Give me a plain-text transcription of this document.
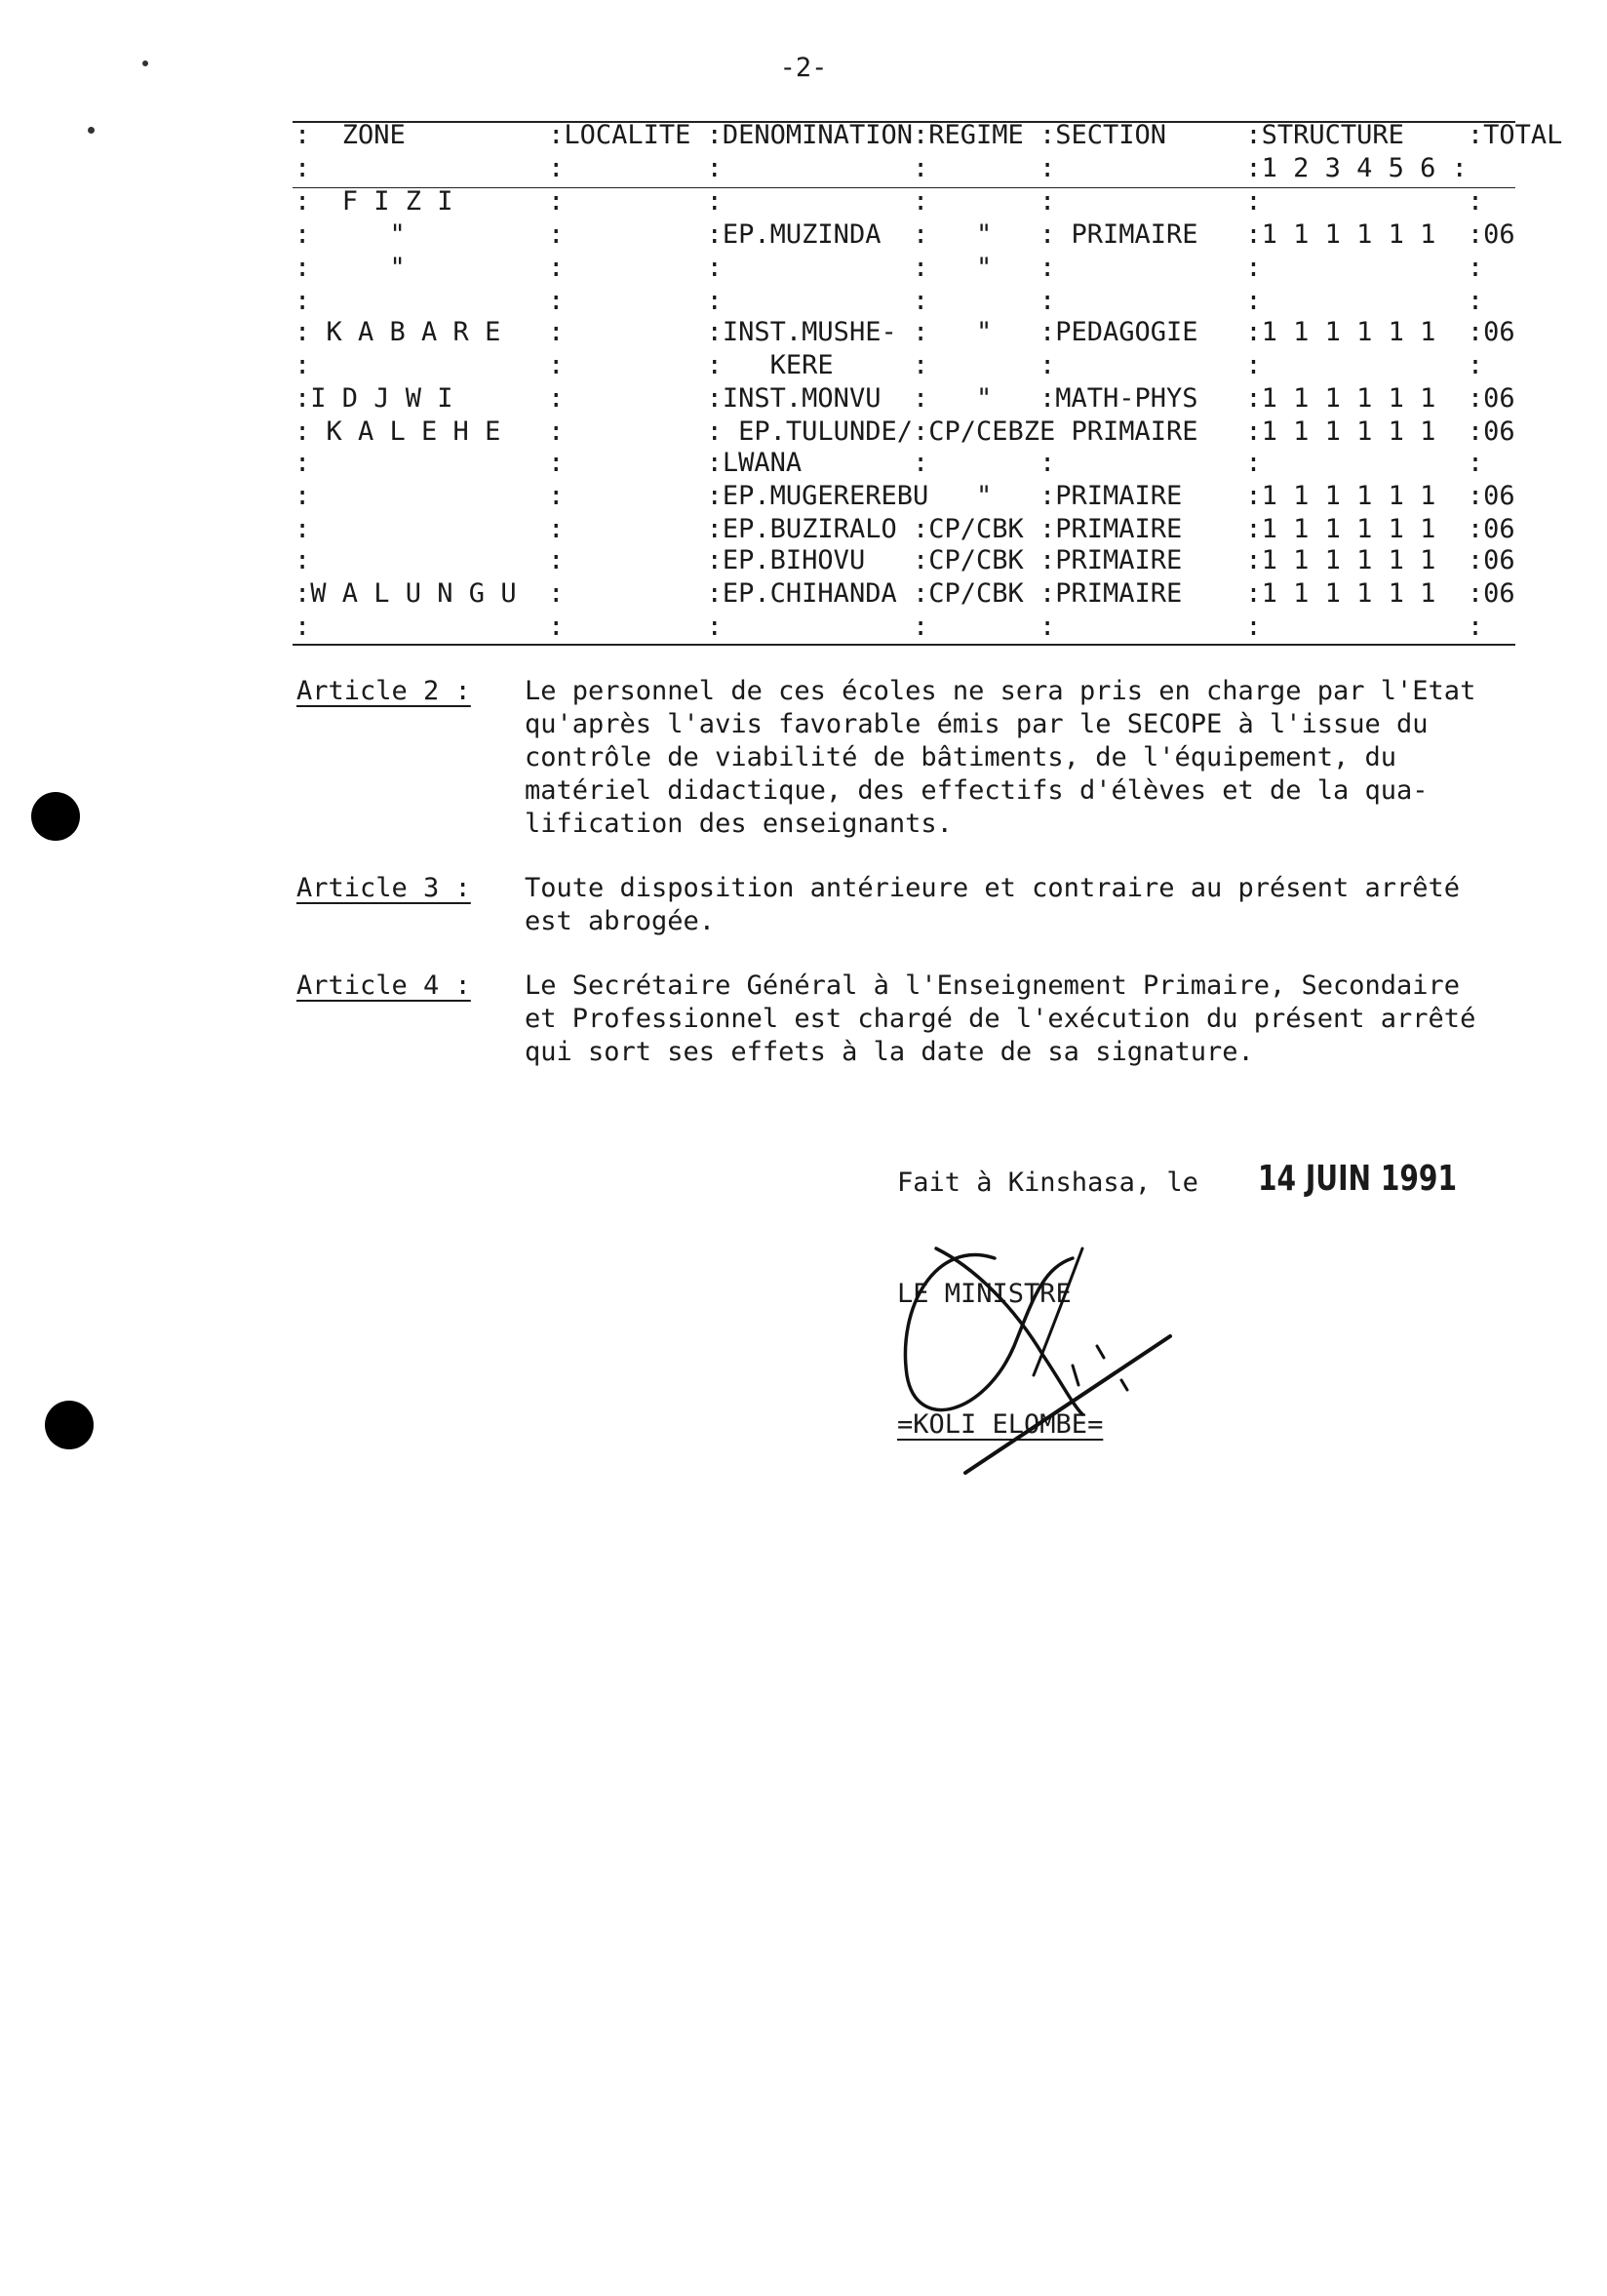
-2-
:  ZONE         :LOCALITE :DENOMINATION:REGIME :SECTION     :STRUCTURE    :TOTAL
:               :         :            :       :            :1 2 3 4 5 6 :
:  F I Z I      :         :            :       :            :             :
:     "         :         :EP.MUZINDA  :   "   : PRIMAIRE   :1 1 1 1 1 1  :06
:     "         :         :            :   "   :            :             :
:               :         :            :       :            :             :
: K A B A R E   :         :INST.MUSHE- :   "   :PEDAGOGIE   :1 1 1 1 1 1  :06
:               :         :   KERE     :       :            :             :
:I D J W I      :         :INST.MONVU  :   "   :MATH-PHYS   :1 1 1 1 1 1  :06
: K A L E H E   :         : EP.TULUNDE/:CP/CEBZE PRIMAIRE   :1 1 1 1 1 1  :06
:               :         :LWANA       :       :            :             :
:               :         :EP.MUGEREREBU   "   :PRIMAIRE    :1 1 1 1 1 1  :06
:               :         :EP.BUZIRALO :CP/CBK :PRIMAIRE    :1 1 1 1 1 1  :06
:               :         :EP.BIHOVU   :CP/CBK :PRIMAIRE    :1 1 1 1 1 1  :06
:W A L U N G U  :         :EP.CHIHANDA :CP/CBK :PRIMAIRE    :1 1 1 1 1 1  :06
:               :         :            :       :            :             :
Article 2 : Le personnel de ces écoles ne sera pris en charge par l'Etat
qu'après l'avis favorable émis par le SECOPE à l'issue du
contrôle de viabilité de bâtiments, de l'équipement, du
matériel didactique, des effectifs d'élèves et de la qua-
lification des enseignants.
Article 3 : Toute disposition antérieure et contraire au présent arrêté
est abrogée.
Article 4 : Le Secrétaire Général à l'Enseignement Primaire, Secondaire
et Professionnel est chargé de l'exécution du présent arrêté
qui sort ses effets à la date de sa signature.
Fait à Kinshasa, le 14 JUIN 1991
LE MINISTRE
=KOLI ELOMBE=
